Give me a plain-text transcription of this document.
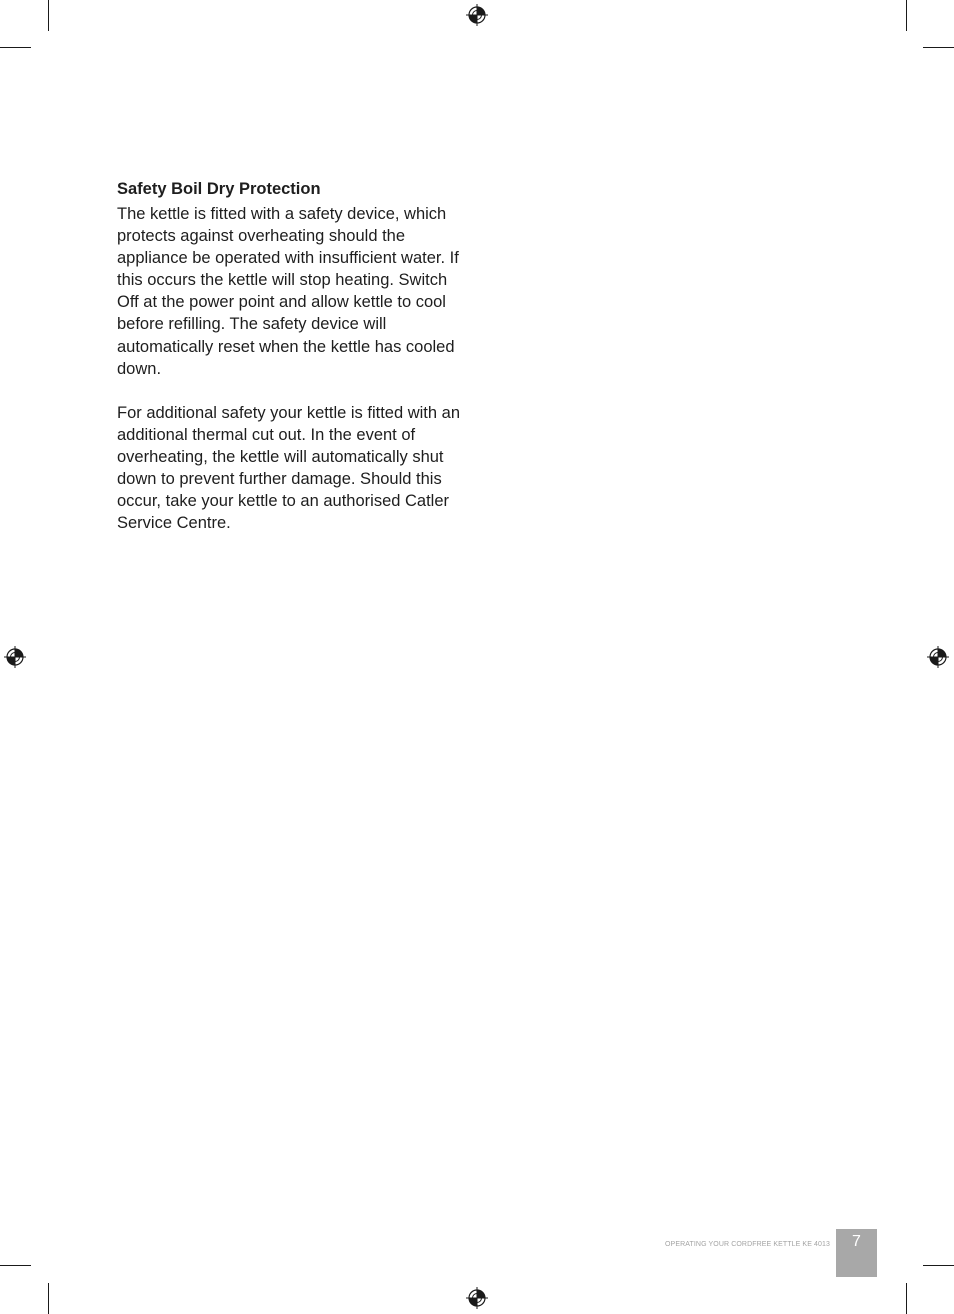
Safety Boil Dry Protection

The kettle is fitted with a safety device, which protects against overheating should the appliance be operated with insufficient water. If this occurs the kettle will stop heating. Switch Off at the power point and allow kettle to cool before refilling. The safety device will automatically reset when the kettle has cooled down.

For additional safety your kettle is fitted with an additional thermal cut out. In the event of overheating, the kettle will automatically shut down to prevent further damage. Should this occur, take your kettle to an authorised Catler Service Centre.

OPERATING YOUR CORDFREE KETTLE KE 4013	7
